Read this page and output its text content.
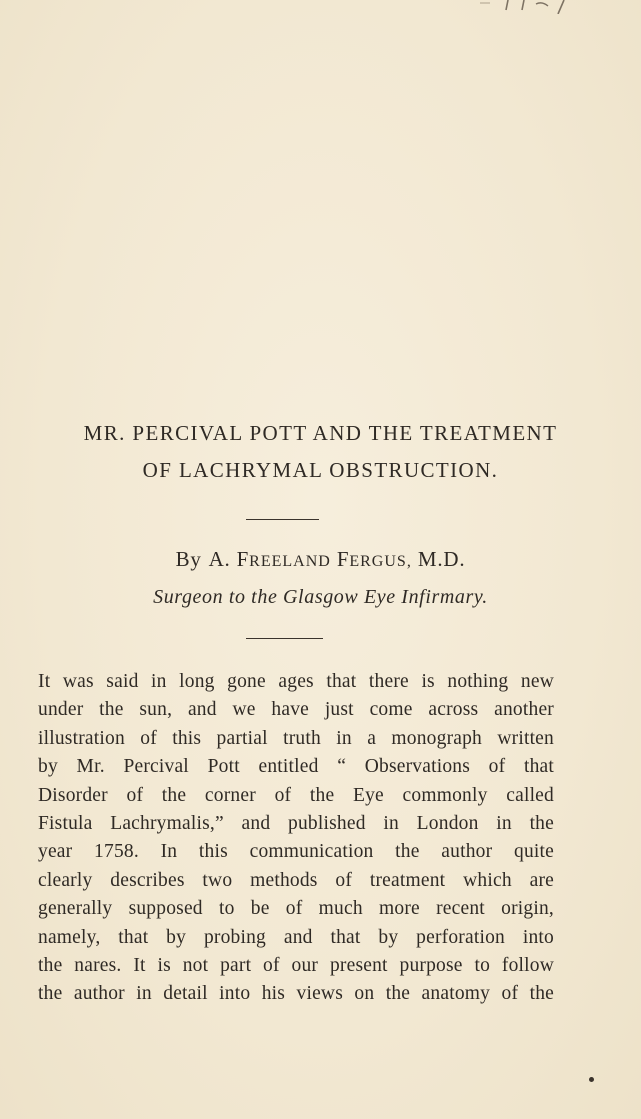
MR. PERCIVAL POTT AND THE TREATMENT
OF LACHRYMAL OBSTRUCTION.
By A. FREELAND FERGUS, M.D.
Surgeon to the Glasgow Eye Infirmary.
It was said in long gone ages that there is nothing new
under the sun, and we have just come across another
illustration of this partial truth in a monograph written
by Mr. Percival Pott entitled “ Observations of that
Disorder of the corner of the Eye commonly called
Fistula Lachrymalis,” and published in London in the
year 1758. In this communication the author quite
clearly describes two methods of treatment which are
generally supposed to be of much more recent origin,
namely, that by probing and that by perforation into
the nares. It is not part of our present purpose to follow
the author in detail into his views on the anatomy of the
